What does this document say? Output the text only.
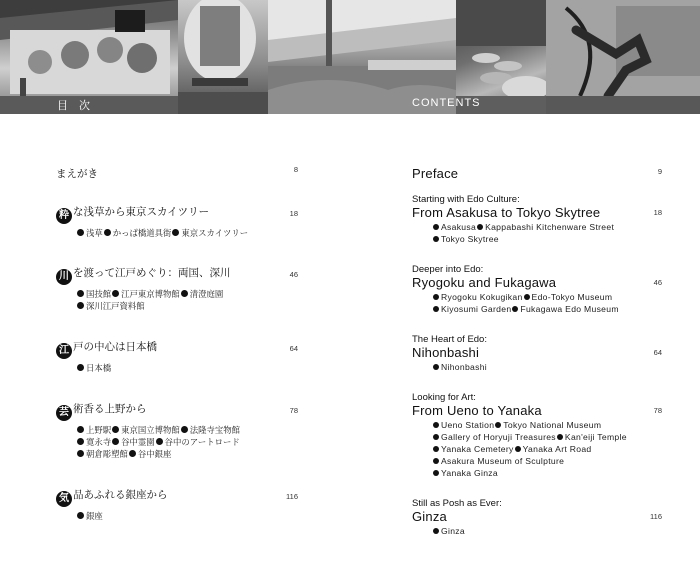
目次	CONTENTS
まえがき	8
粋 な浅草から東京スカイツリー	18
浅草 かっぱ橋道具街 東京スカイツリー
川 を渡って江戸めぐり：両国、深川	46
国技館 江戸東京博物館 清澄庭園
深川江戸資料館
江 戸の中心は日本橋	64
日本橋
芸 術香る上野から	78
上野駅 東京国立博物館 法隆寺宝物館
寛永寺 谷中霊園 谷中のアートロード
朝倉彫塑館 谷中銀座
気 品あふれる銀座から	116
銀座
Preface	9
Starting with Edo Culture:
From Asakusa to Tokyo Skytree	18
Asakusa Kappabashi Kitchenware Street
Tokyo Skytree
Deeper into Edo:
Ryogoku and Fukagawa	46
Ryogoku Kokugikan Edo-Tokyo Museum
Kiyosumi Garden Fukagawa Edo Museum
The Heart of Edo:
Nihonbashi	64
Nihonbashi
Looking for Art:
From Ueno to Yanaka	78
Ueno Station Tokyo National Museum
Gallery of Horyuji Treasures Kan'eiji Temple
Yanaka Cemetery Yanaka Art Road
Asakura Museum of Sculpture
Yanaka Ginza
Still as Posh as Ever:
Ginza	116
Ginza
